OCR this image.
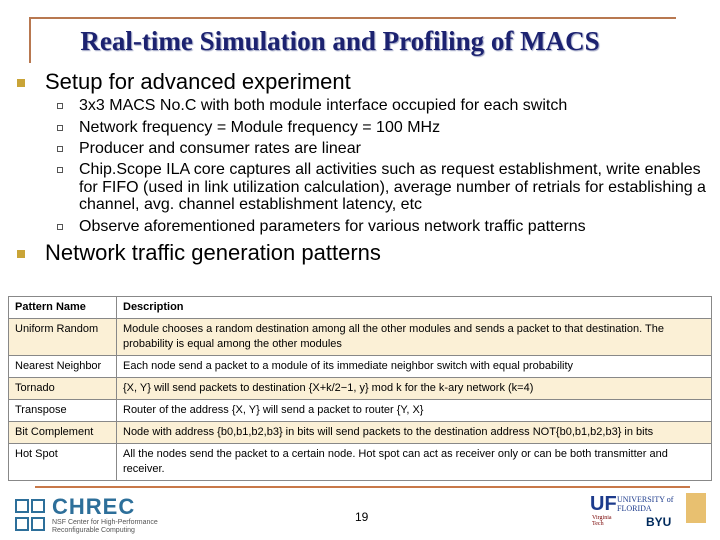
Real-time Simulation and Profiling of MACS
Setup for advanced experiment
3x3 MACS No.C with both module interface occupied for each switch
Network frequency = Module frequency = 100 MHz
Producer and consumer rates are linear
Chip.Scope ILA core captures all activities such as request establishment, write enables for FIFO (used in link utilization calculation), average number of retrials for establishing a channel, avg. channel establishment latency, etc
Observe aforementioned parameters for various network traffic patterns
Network traffic generation patterns
Pattern Name	Description
Uniform Random	Module chooses a random destination among all the other modules and sends a packet to that destination. The probability is equal among the other modules
Nearest Neighbor	Each node send a packet to a module of its immediate neighbor switch with equal probability
Tornado	{X, Y} will send packets to destination {X+k/2−1, y} mod k for the k-ary network (k=4)
Transpose	Router of the address {X, Y} will send a packet to router {Y, X}
Bit Complement	Node with address {b0,b1,b2,b3} in bits will send packets to the destination address NOT{b0,b1,b2,b3} in bits
Hot Spot	All the nodes send the packet to a certain node. Hot spot can act as receiver only or can be both transmitter and receiver.
CHREC
NSF Center for High-Performance
Reconfigurable Computing
19
UF UNIVERSITY of FLORIDA
Virginia Tech	BYU
